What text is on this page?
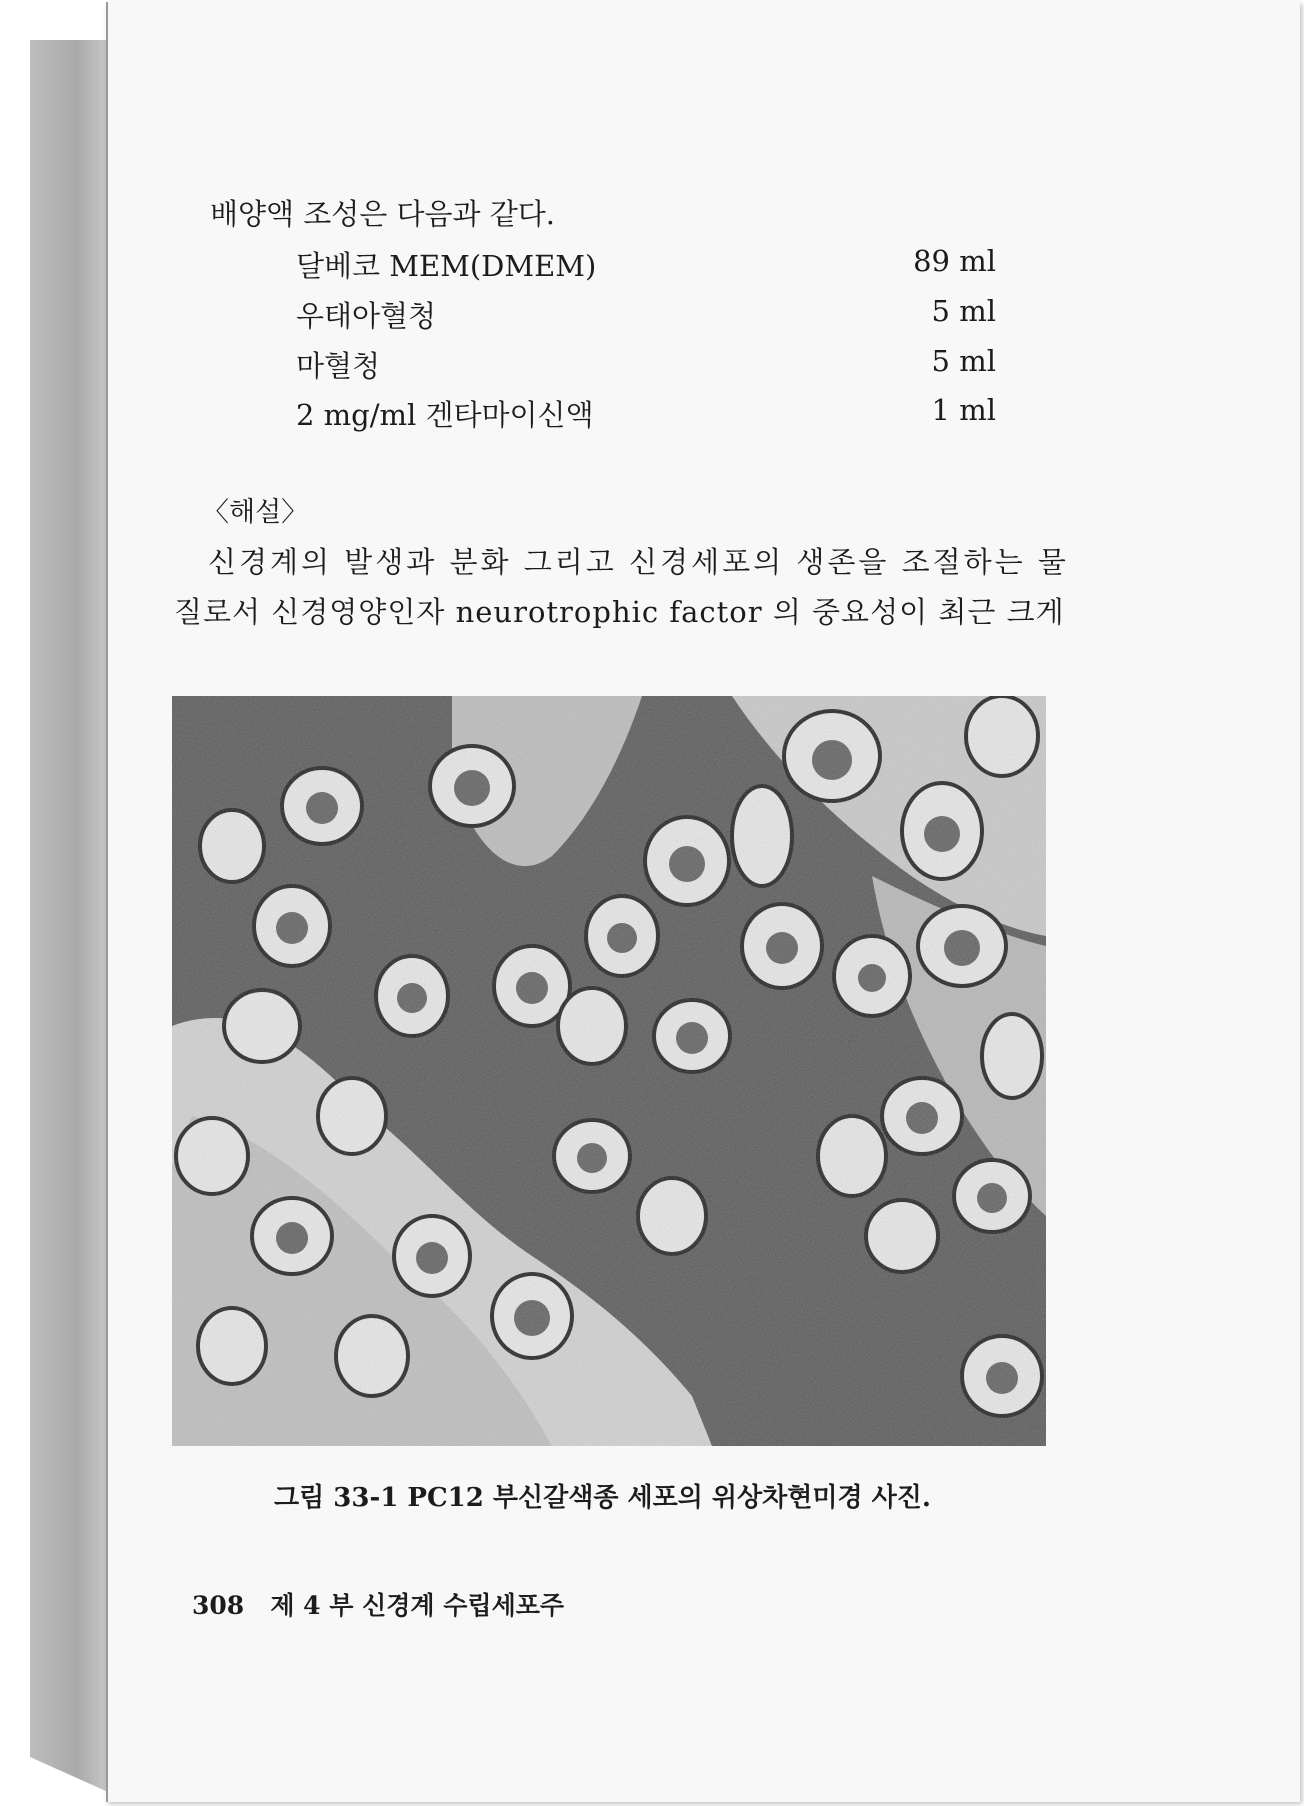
배양액 조성은 다음과 같다.
달베코 MEM(DMEM)	89 ml
우태아혈청	5 ml
마혈청	5 ml
2 mg/ml 겐타마이신액	1 ml
〈해설〉
신경계의 발생과 분화 그리고 신경세포의 생존을 조절하는 물
질로서 신경영양인자 neurotrophic factor 의 중요성이 최근 크게
그림 33-1 PC12 부신갈색종 세포의 위상차현미경 사진.
308 제 4 부 신경계 수립세포주
